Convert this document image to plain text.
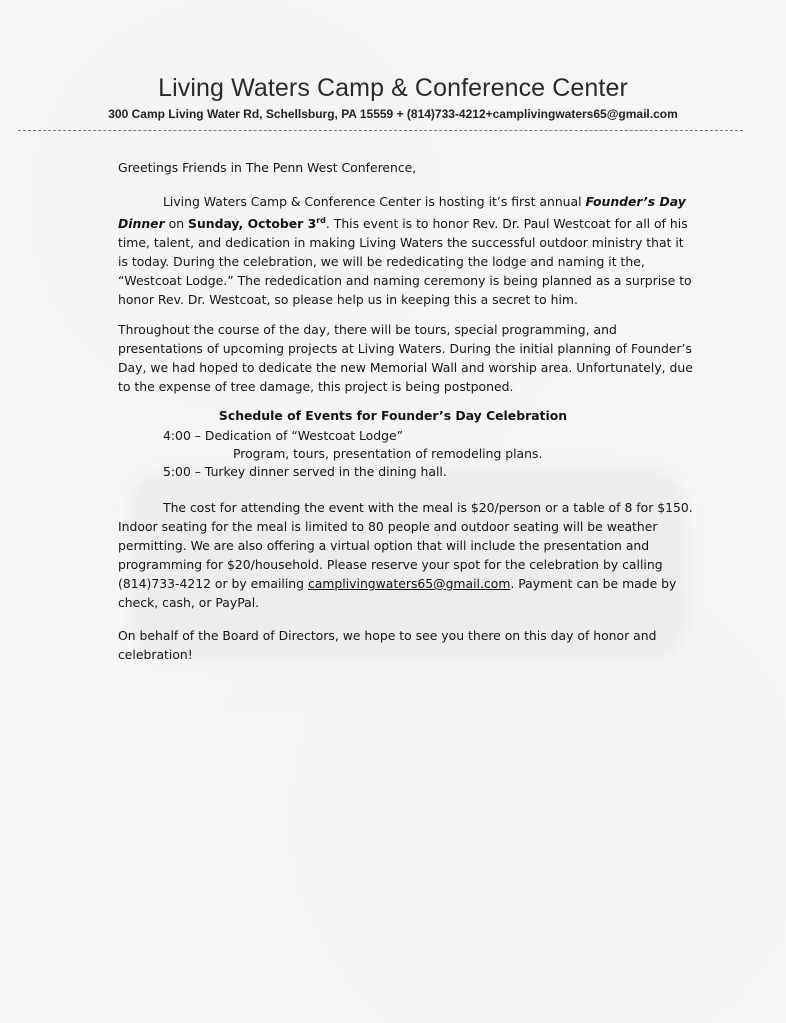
Living Waters Camp & Conference Center
300 Camp Living Water Rd, Schellsburg, PA 15559 + (814)733-4212+camplivingwaters65@gmail.com
Greetings Friends in The Penn West Conference,
Living Waters Camp & Conference Center is hosting it’s first annual Founder’s Day Dinner on Sunday, October 3rd. This event is to honor Rev. Dr. Paul Westcoat for all of his time, talent, and dedication in making Living Waters the successful outdoor ministry that it is today. During the celebration, we will be rededicating the lodge and naming it the, “Westcoat Lodge.” The rededication and naming ceremony is being planned as a surprise to honor Rev. Dr. Westcoat, so please help us in keeping this a secret to him.
Throughout the course of the day, there will be tours, special programming, and presentations of upcoming projects at Living Waters. During the initial planning of Founder’s Day, we had hoped to dedicate the new Memorial Wall and worship area. Unfortunately, due to the expense of tree damage, this project is being postponed.
Schedule of Events for Founder’s Day Celebration
4:00 – Dedication of “Westcoat Lodge”
Program, tours, presentation of remodeling plans.
5:00 – Turkey dinner served in the dining hall.
The cost for attending the event with the meal is $20/person or a table of 8 for $150. Indoor seating for the meal is limited to 80 people and outdoor seating will be weather permitting. We are also offering a virtual option that will include the presentation and programming for $20/household. Please reserve your spot for the celebration by calling (814)733-4212 or by emailing camplivingwaters65@gmail.com. Payment can be made by check, cash, or PayPal.
On behalf of the Board of Directors, we hope to see you there on this day of honor and celebration!
